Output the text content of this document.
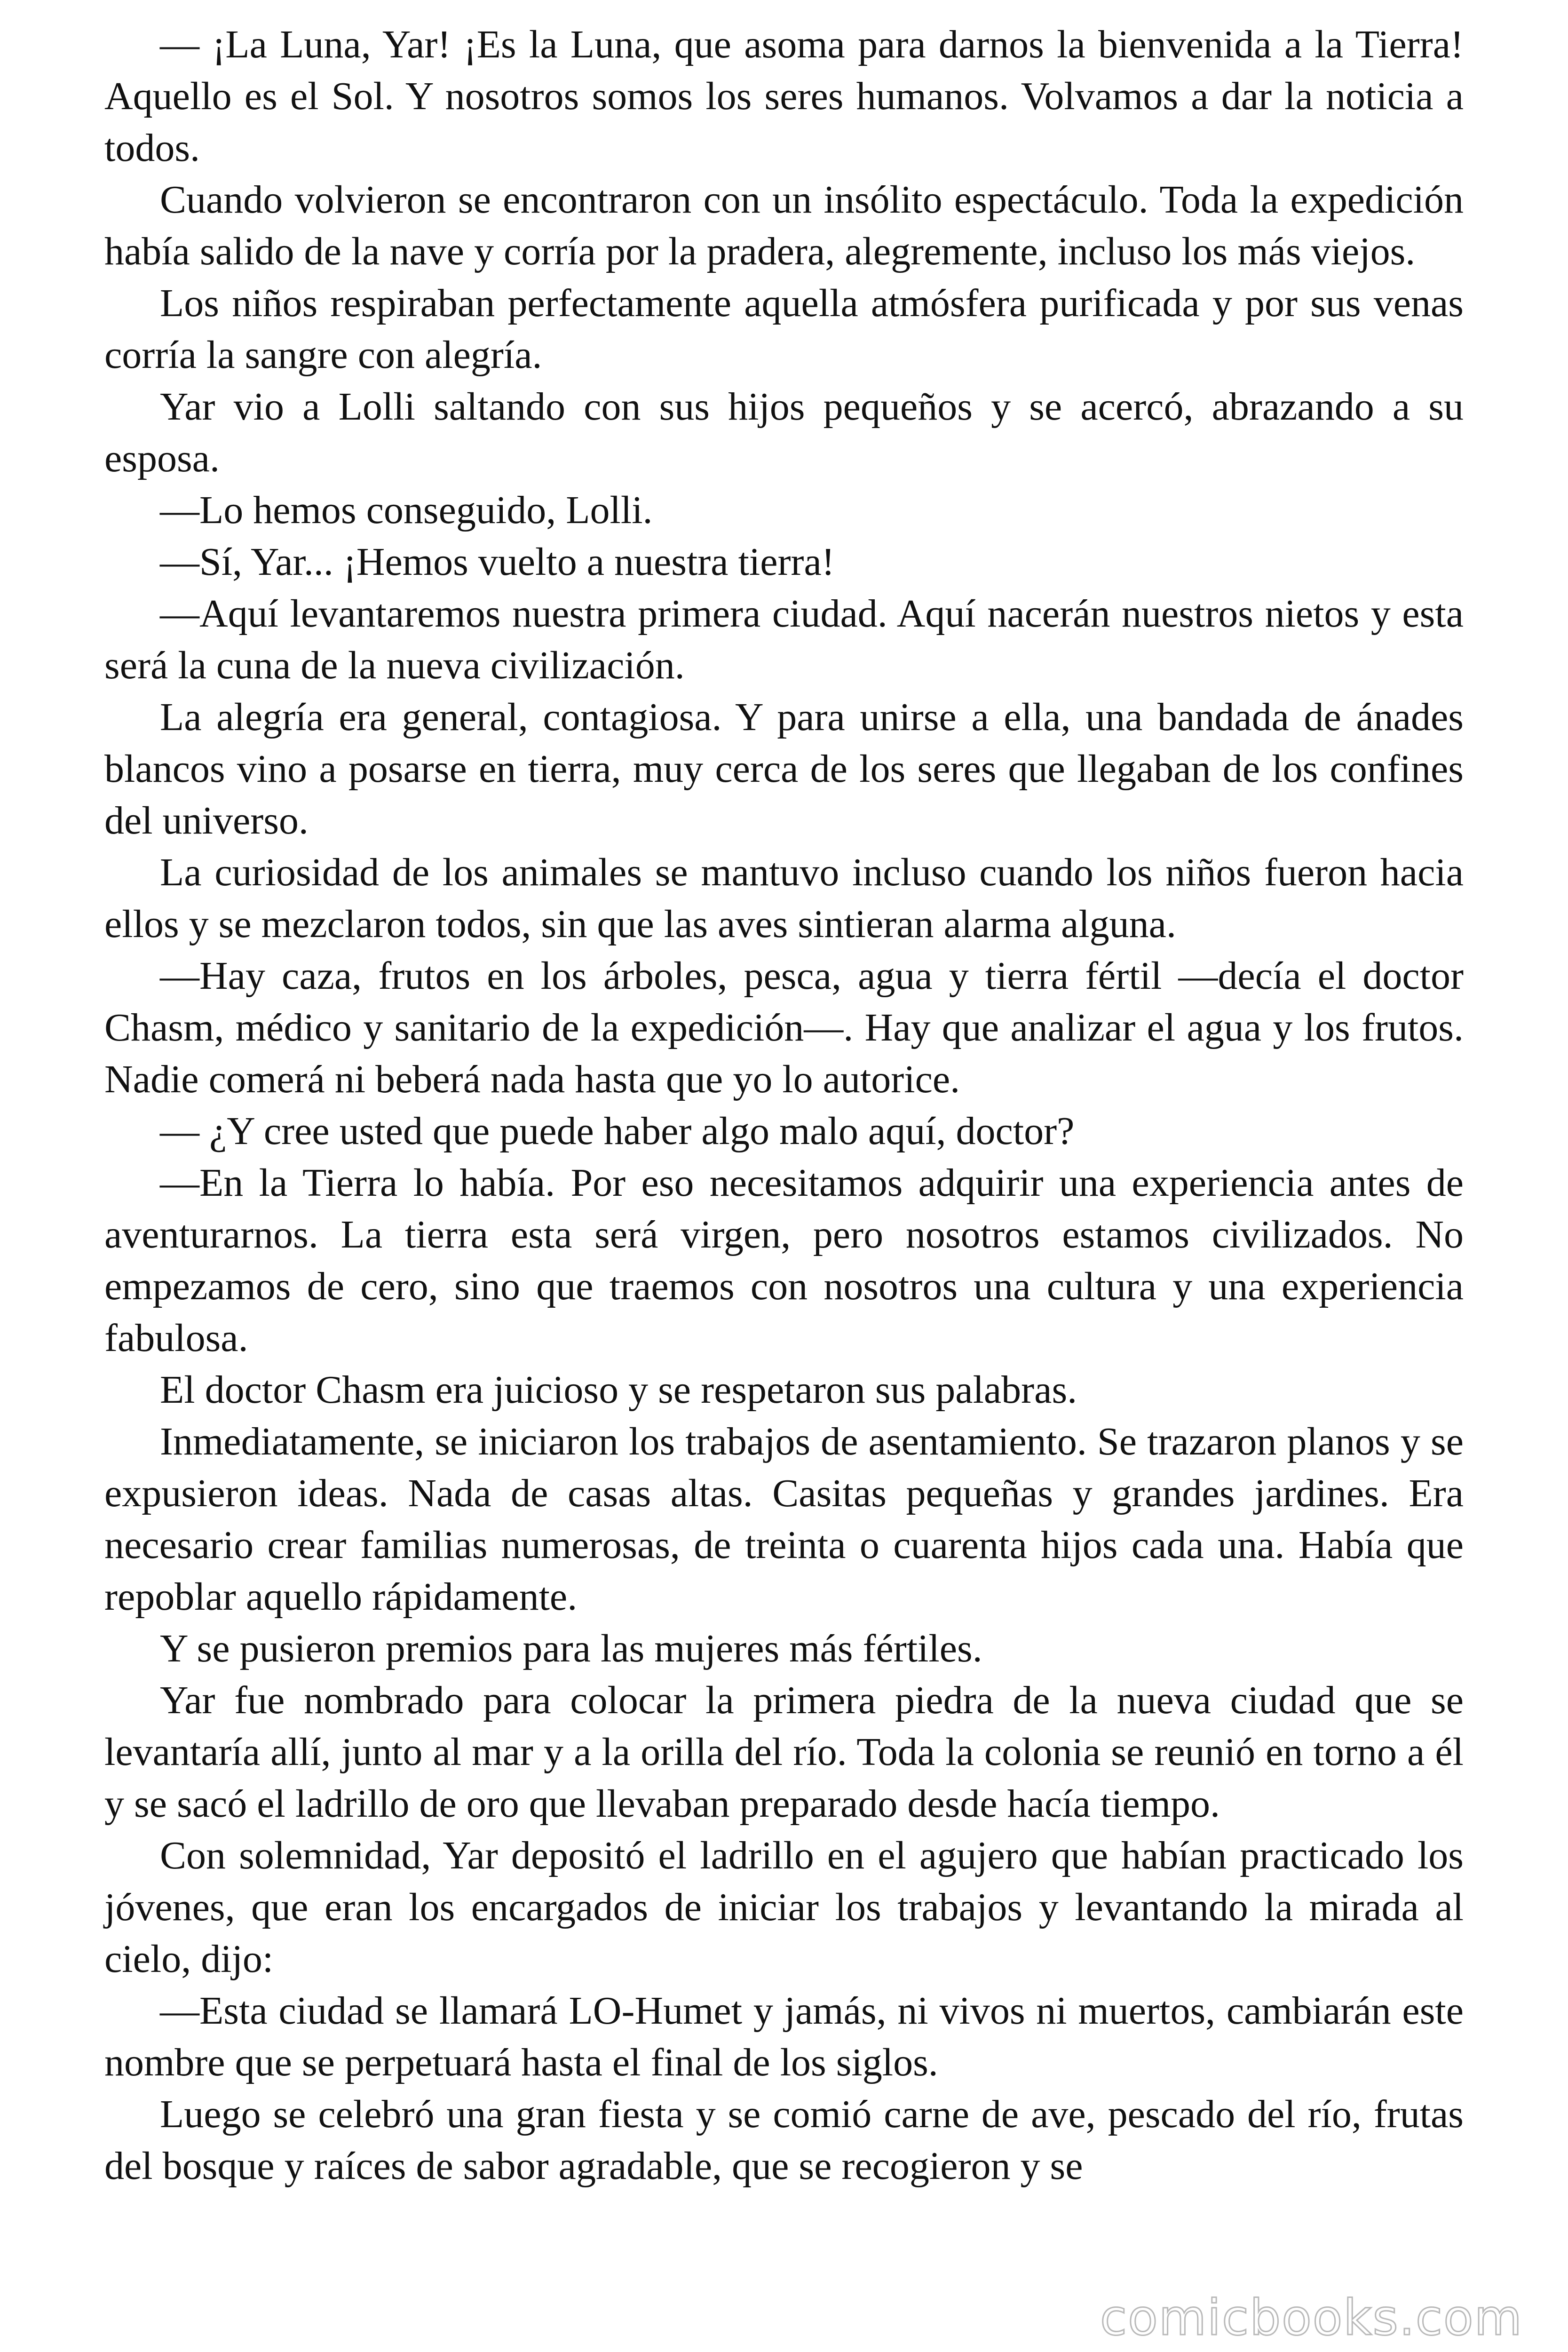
— ¡La Luna, Yar! ¡Es la Luna, que asoma para darnos la bienvenida a la Tierra! Aquello es el Sol. Y nosotros somos los seres humanos. Volvamos a dar la noticia a todos.

Cuando volvieron se encontraron con un insólito espectáculo. Toda la expedición había salido de la nave y corría por la pradera, alegremente, incluso los más viejos.

Los niños respiraban perfectamente aquella atmósfera purificada y por sus venas corría la sangre con alegría.

Yar vio a Lolli saltando con sus hijos pequeños y se acercó, abrazando a su esposa.

—Lo hemos conseguido, Lolli.

—Sí, Yar... ¡Hemos vuelto a nuestra tierra!

—Aquí levantaremos nuestra primera ciudad. Aquí nacerán nuestros nietos y esta será la cuna de la nueva civilización.

La alegría era general, contagiosa. Y para unirse a ella, una bandada de ánades blancos vino a posarse en tierra, muy cerca de los seres que llegaban de los confines del universo.

La curiosidad de los animales se mantuvo incluso cuando los niños fueron hacia ellos y se mezclaron todos, sin que las aves sintieran alarma alguna.

—Hay caza, frutos en los árboles, pesca, agua y tierra fértil —decía el doctor Chasm, médico y sanitario de la expedición—. Hay que analizar el agua y los frutos. Nadie comerá ni beberá nada hasta que yo lo autorice.

— ¿Y cree usted que puede haber algo malo aquí, doctor?

—En la Tierra lo había. Por eso necesitamos adquirir una experiencia antes de aventurarnos. La tierra esta será virgen, pero nosotros estamos civilizados. No empezamos de cero, sino que traemos con nosotros una cultura y una experiencia fabulosa.

El doctor Chasm era juicioso y se respetaron sus palabras.

Inmediatamente, se iniciaron los trabajos de asentamiento. Se trazaron planos y se expusieron ideas. Nada de casas altas. Casitas pequeñas y grandes jardines. Era necesario crear familias numerosas, de treinta o cuarenta hijos cada una. Había que repoblar aquello rápidamente.

Y se pusieron premios para las mujeres más fértiles.

Yar fue nombrado para colocar la primera piedra de la nueva ciudad que se levantaría allí, junto al mar y a la orilla del río. Toda la colonia se reunió en torno a él y se sacó el ladrillo de oro que llevaban preparado desde hacía tiempo.

Con solemnidad, Yar depositó el ladrillo en el agujero que habían practicado los jóvenes, que eran los encargados de iniciar los trabajos y levantando la mirada al cielo, dijo:

—Esta ciudad se llamará LO-Humet y jamás, ni vivos ni muertos, cambiarán este nombre que se perpetuará hasta el final de los siglos.

Luego se celebró una gran fiesta y se comió carne de ave, pescado del río, frutas del bosque y raíces de sabor agradable, que se recogieron y se

comicbooks.com
